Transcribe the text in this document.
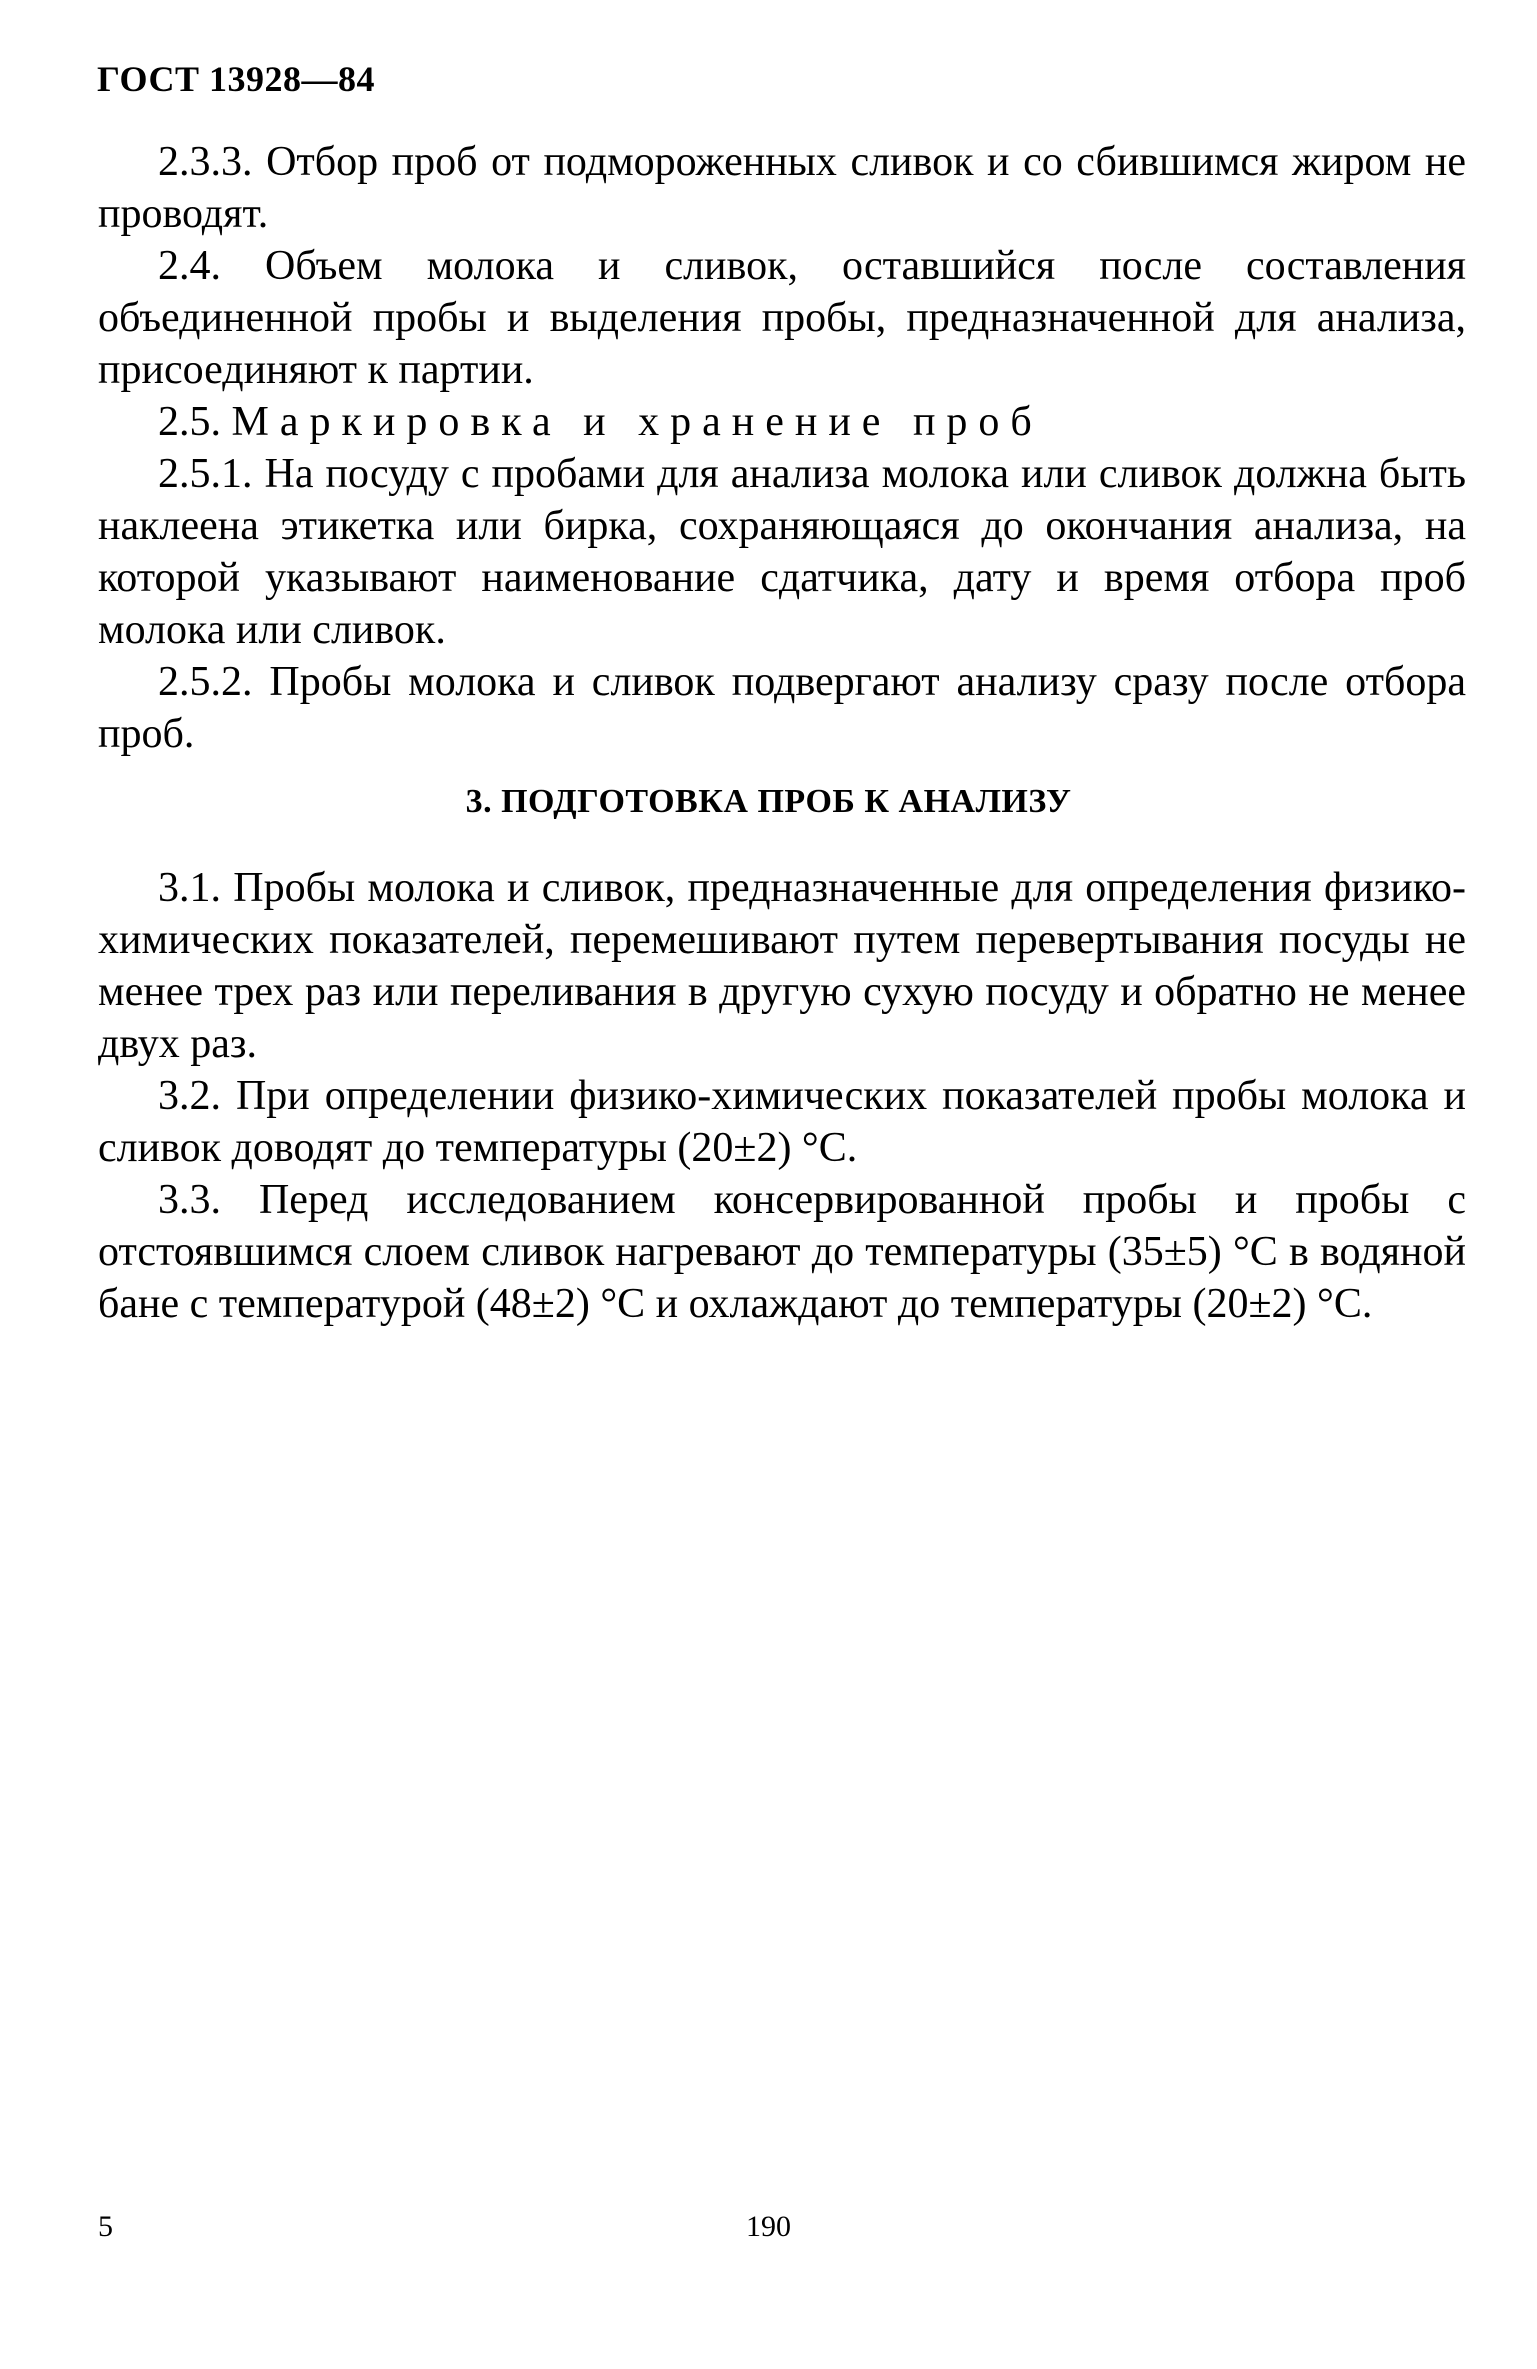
ГОСТ 13928—84

2.3.3. Отбор проб от подмороженных сливок и со сбившимся жиром не проводят.

2.4. Объем молока и сливок, оставшийся после составления объединенной пробы и выделения пробы, предназначенной для анализа, присоединяют к партии.

2.5. Маркировка и хранение проб

2.5.1. На посуду с пробами для анализа молока или сливок должна быть наклеена этикетка или бирка, сохраняющаяся до окончания анализа, на которой указывают наименование сдатчика, дату и время отбора проб молока или сливок.

2.5.2. Пробы молока и сливок подвергают анализу сразу после отбора проб.

3. ПОДГОТОВКА ПРОБ К АНАЛИЗУ

3.1. Пробы молока и сливок, предназначенные для определения физико-химических показателей, перемешивают путем перевертывания посуды не менее трех раз или переливания в другую сухую посуду и обратно не менее двух раз.

3.2. При определении физико-химических показателей пробы молока и сливок доводят до температуры (20±2) °С.

3.3. Перед исследованием консервированной пробы и пробы с отстоявшимся слоем сливок нагревают до температуры (35±5) °С в водяной бане с температурой (48±2) °С и охлаждают до температуры (20±2) °С.

5	190
